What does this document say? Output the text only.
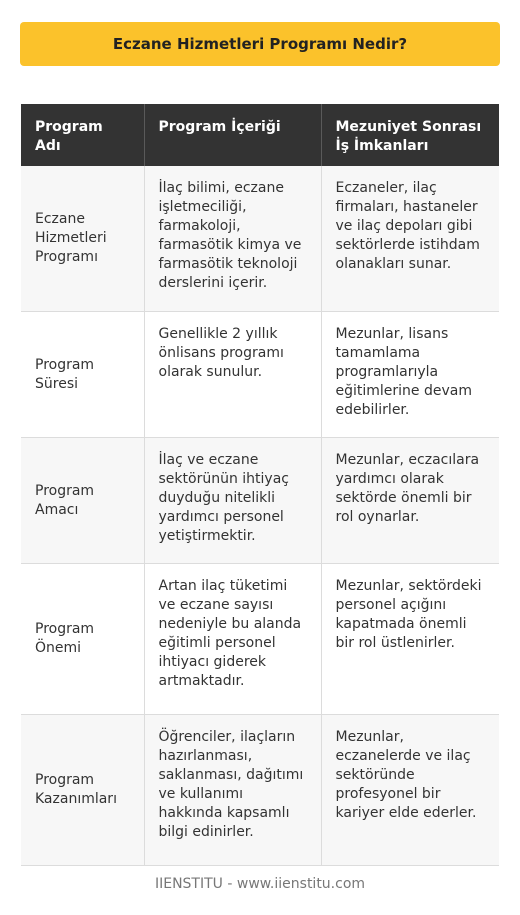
Eczane Hizmetleri Programı Nedir?
Program Adı	Program İçeriği	Mezuniyet Sonrası İş İmkanları
Eczane Hizmetleri Programı	İlaç bilimi, eczane işletmeciliği, farmakoloji, farmasötik kimya ve farmasötik teknoloji derslerini içerir.	Eczaneler, ilaç firmaları, hastaneler ve ilaç depoları gibi sektörlerde istihdam olanakları sunar.
Program Süresi	Genellikle 2 yıllık önlisans programı olarak sunulur.	Mezunlar, lisans tamamlama programlarıyla eğitimlerine devam edebilirler.
Program Amacı	İlaç ve eczane sektörünün ihtiyaç duyduğu nitelikli yardımcı personel yetiştirmektir.	Mezunlar, eczacılara yardımcı olarak sektörde önemli bir rol oynarlar.
Program Önemi	Artan ilaç tüketimi ve eczane sayısı nedeniyle bu alanda eğitimli personel ihtiyacı giderek artmaktadır.	Mezunlar, sektördeki personel açığını kapatmada önemli bir rol üstlenirler.
Program Kazanımları	Öğrenciler, ilaçların hazırlanması, saklanması, dağıtımı ve kullanımı hakkında kapsamlı bilgi edinirler.	Mezunlar, eczanelerde ve ilaç sektöründe profesyonel bir kariyer elde ederler.
IIENSTITU - www.iienstitu.com
